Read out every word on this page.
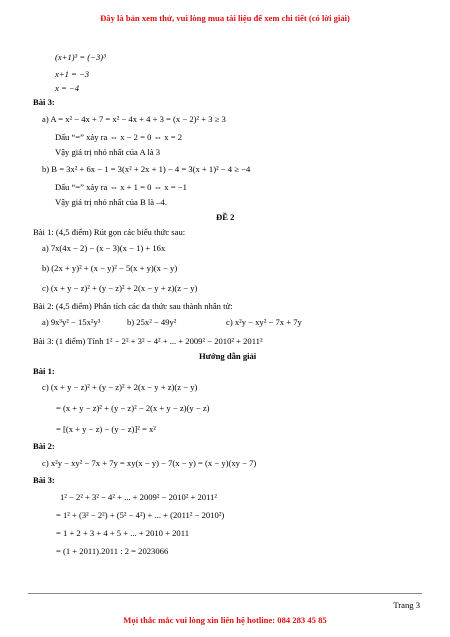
Đây là bản xem thử, vui lòng mua tài liệu để xem chi tiết (có lời giải)
(x+1)³ = (−3)³
x+1 = −3
x = −4
Bài 3:
a) A = x² − 4x + 7 = x² − 4x + 4 + 3 = (x − 2)² + 3 ≥ 3
Dấu “=” xảy ra ⇔ x − 2 = 0 ⇔ x = 2
Vậy giá trị nhỏ nhất của A là 3
b) B = 3x² + 6x − 1 = 3(x² + 2x + 1) − 4 = 3(x + 1)² − 4 ≥ −4
Dấu “=” xảy ra ⇔ x + 1 = 0 ⇔ x = −1
Vậy giá trị nhỏ nhất của B là –4.
ĐỀ 2
Bài 1: (4,5 điểm) Rút gọn các biểu thức sau:
a) 7x(4x − 2) − (x − 3)(x − 1) + 16x
b) (2x + y)² + (x − y)² − 5(x + y)(x − y)
c) (x + y − z)² + (y − z)² + 2(x − y + z)(z − y)
Bài 2: (4,5 điểm) Phân tích các đa thức sau thành nhân tử:
a) 9x³y² − 15x²y³	b) 25x² − 49y²	c) x²y − xy² − 7x + 7y
Bài 3: (1 điểm) Tính 1² − 2² + 3² − 4² + ... + 2009² − 2010² + 2011²
Hướng dẫn giải
Bài 1:
c) (x + y − z)² + (y − z)² + 2(x − y + z)(z − y)
= (x + y − z)² + (y − z)² − 2(x + y − z)(y − z)
= [(x + y − z) − (y − z)]² = x²
Bài 2:
c) x²y − xy² − 7x + 7y = xy(x − y) − 7(x − y) = (x − y)(xy − 7)
Bài 3:
1² − 2² + 3² − 4² + ... + 2009² − 2010² + 2011²
= 1² + (3² − 2²) + (5² − 4²) + ... + (2011² − 2010²)
= 1 + 2 + 3 + 4 + 5 + ... + 2010 + 2011
= (1 + 2011).2011 : 2 = 2023066
Trang 3
Mọi thắc mắc vui lòng xin liên hệ hotline: 084 283 45 85
